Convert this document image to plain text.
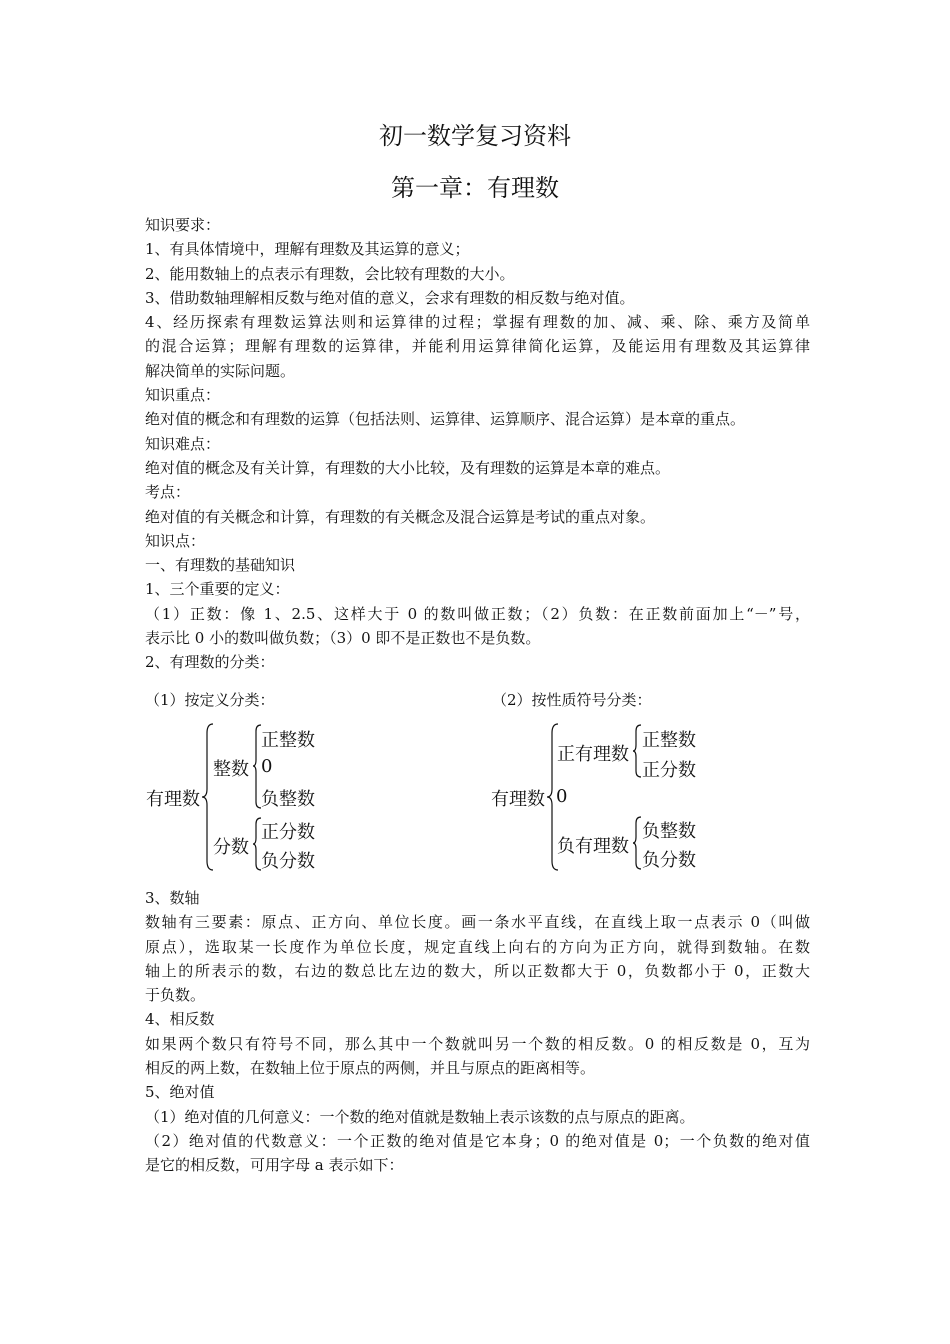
初一数学复习资料
第一章：有理数

知识要求：

1、有具体情境中，理解有理数及其运算的意义；

2、能用数轴上的点表示有理数，会比较有理数的大小。

3、借助数轴理解相反数与绝对值的意义，会求有理数的相反数与绝对值。

4、经历探索有理数运算法则和运算律的过程；掌握有理数的加、减、乘、除、乘方及简单

的混合运算；理解有理数的运算律，并能利用运算律简化运算，及能运用有理数及其运算律

解决简单的实际问题。

知识重点：

绝对值的概念和有理数的运算（包括法则、运算律、运算顺序、混合运算）是本章的重点。

知识难点：

绝对值的概念及有关计算，有理数的大小比较，及有理数的运算是本章的难点。

考点：

绝对值的有关概念和计算，有理数的有关概念及混合运算是考试的重点对象。

知识点：

一、有理数的基础知识

1、三个重要的定义：

（1）正数：像 1、2.5、这样大于 0 的数叫做正数；（2）负数：在正数前面加上“－”号，

表示比 0 小的数叫做负数；（3）0 即不是正数也不是负数。

2、有理数的分类：

（1）按定义分类：	（2）按性质符号分类：
有理数
整数
正整数
0
负整数
分数
正分数
负分数
有理数
正有理数
正整数
正分数
0
负有理数
负整数
负分数

3、数轴

数轴有三要素：原点、正方向、单位长度。画一条水平直线，在直线上取一点表示 0（叫做

原点），选取某一长度作为单位长度，规定直线上向右的方向为正方向，就得到数轴。在数

轴上的所表示的数，右边的数总比左边的数大，所以正数都大于 0，负数都小于 0，正数大

于负数。

4、相反数

如果两个数只有符号不同，那么其中一个数就叫另一个数的相反数。0 的相反数是 0，互为

相反的两上数，在数轴上位于原点的两侧，并且与原点的距离相等。

5、绝对值

（1）绝对值的几何意义：一个数的绝对值就是数轴上表示该数的点与原点的距离。

（2）绝对值的代数意义：一个正数的绝对值是它本身；0 的绝对值是 0；一个负数的绝对值

是它的相反数，可用字母 a 表示如下：
